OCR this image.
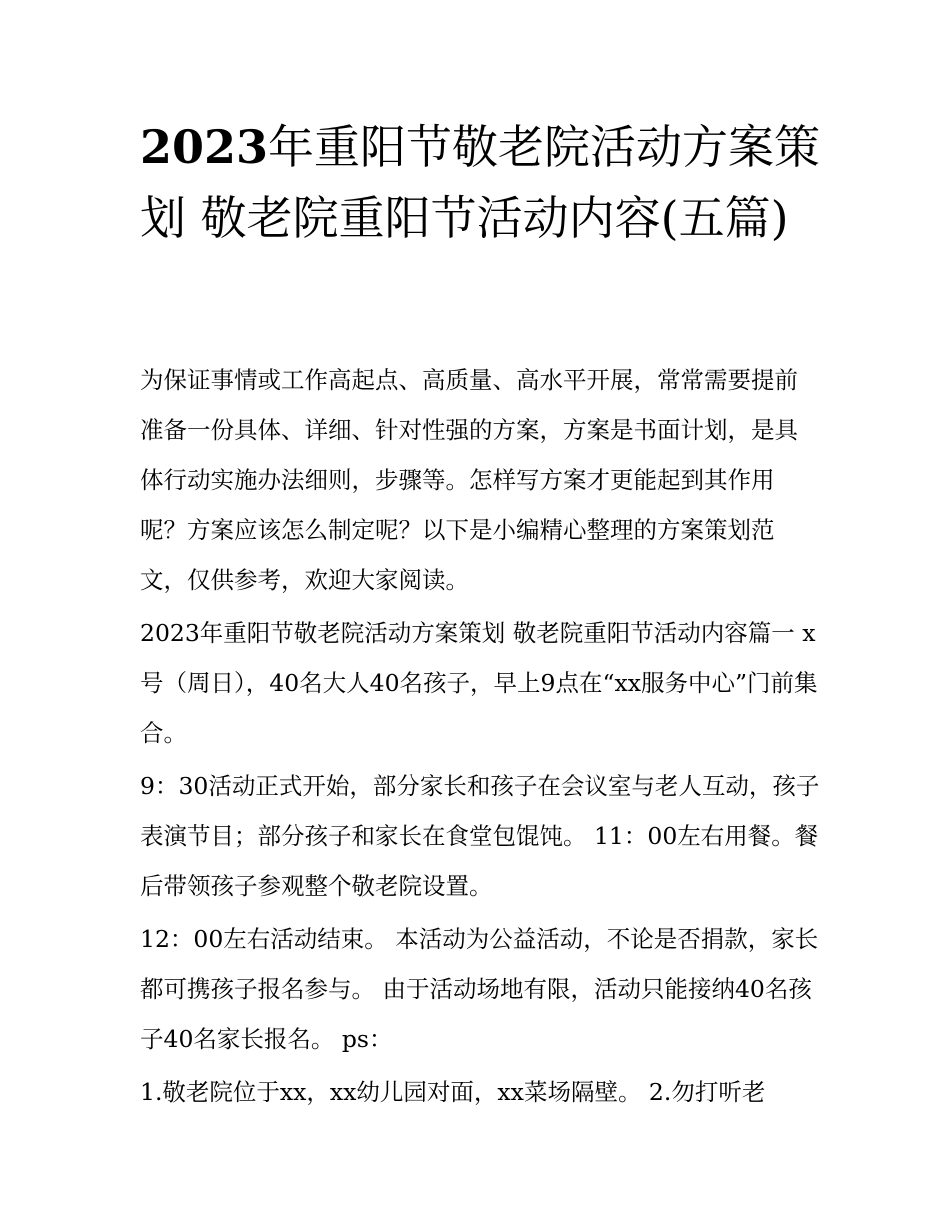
2023年重阳节敬老院活动方案策划 敬老院重阳节活动内容(五篇)

为保证事情或工作高起点、高质量、高水平开展，常常需要提前准备一份具体、详细、针对性强的方案，方案是书面计划，是具体行动实施办法细则，步骤等。怎样写方案才更能起到其作用呢？方案应该怎么制定呢？以下是小编精心整理的方案策划范文，仅供参考，欢迎大家阅读。

2023年重阳节敬老院活动方案策划 敬老院重阳节活动内容篇一 x号（周日），40名大人40名孩子，早上9点在“xx服务中心”门前集合。

9：30活动正式开始，部分家长和孩子在会议室与老人互动，孩子表演节目；部分孩子和家长在食堂包馄饨。 11：00左右用餐。餐后带领孩子参观整个敬老院设置。

12：00左右活动结束。 本活动为公益活动，不论是否捐款，家长都可携孩子报名参与。 由于活动场地有限，活动只能接纳40名孩子40名家长报名。 ps：

1.敬老院位于xx，xx幼儿园对面，xx菜场隔壁。 2.勿打听老
